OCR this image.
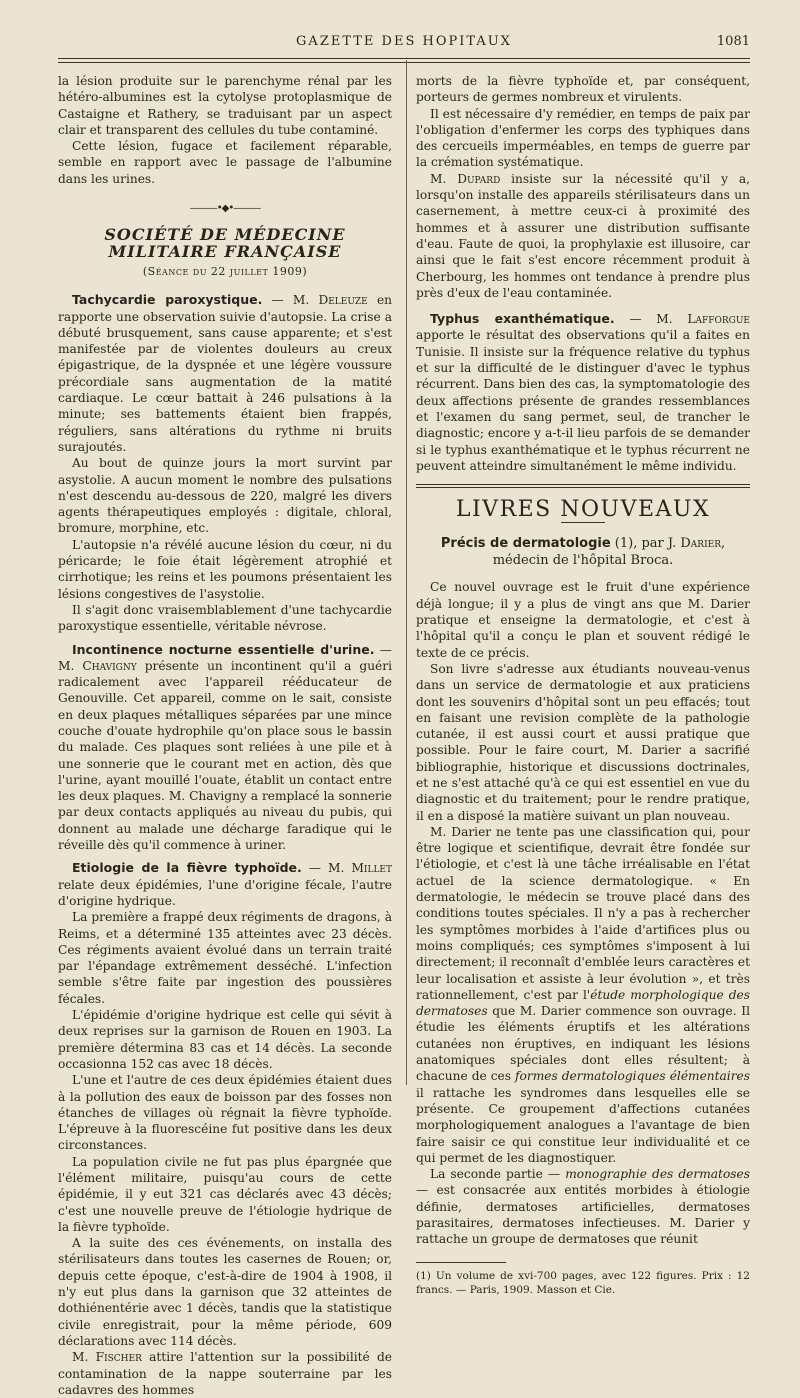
GAZETTE DES HOPITAUX	1081

la lésion produite sur le parenchyme rénal par les hétéro-albumines est la cytolyse protoplasmique de Castaigne et Rathery, se traduisant par un aspect clair et transparent des cellules du tube contaminé.

Cette lésion, fugace et facilement réparable, semble en rapport avec le passage de l'albumine dans les urines.

———•◆•———
SOCIÉTÉ DE MÉDECINE MILITAIRE FRANÇAISE
(Séance du 22 juillet 1909)

Tachycardie paroxystique. — M. Deleuze en rapporte une observation suivie d'autopsie. La crise a débuté brusquement, sans cause apparente; et s'est manifestée par de violentes douleurs au creux épigastrique, de la dyspnée et une légère voussure précordiale sans augmentation de la matité cardiaque. Le cœur battait à 246 pulsations à la minute; ses battements étaient bien frappés, réguliers, sans altérations du rythme ni bruits surajoutés.

Au bout de quinze jours la mort survint par asystolie. A aucun moment le nombre des pulsations n'est descendu au-dessous de 220, malgré les divers agents thérapeutiques employés : digitale, chloral, bromure, morphine, etc.

L'autopsie n'a révélé aucune lésion du cœur, ni du péricarde; le foie était légèrement atrophié et cirrhotique; les reins et les poumons présentaient les lésions congestives de l'asystolie.

Il s'agit donc vraisemblablement d'une tachycardie paroxystique essentielle, véritable névrose.

Incontinence nocturne essentielle d'urine. — M. Chavigny présente un incontinent qu'il a guéri radicalement avec l'appareil rééducateur de Genouville. Cet appareil, comme on le sait, consiste en deux plaques métalliques séparées par une mince couche d'ouate hydrophile qu'on place sous le bassin du malade. Ces plaques sont reliées à une pile et à une sonnerie que le courant met en action, dès que l'urine, ayant mouillé l'ouate, établit un contact entre les deux plaques. M. Chavigny a remplacé la sonnerie par deux contacts appliqués au niveau du pubis, qui donnent au malade une décharge faradique qui le réveille dès qu'il commence à uriner.

Etiologie de la fièvre typhoïde. — M. Millet relate deux épidémies, l'une d'origine fécale, l'autre d'origine hydrique.

La première a frappé deux régiments de dragons, à Reims, et a déterminé 135 atteintes avec 23 décès. Ces régiments avaient évolué dans un terrain traité par l'épandage extrêmement desséché. L'infection semble s'être faite par ingestion des poussières fécales.

L'épidémie d'origine hydrique est celle qui sévit à deux reprises sur la garnison de Rouen en 1903. La première détermina 83 cas et 14 décès. La seconde occasionna 152 cas avec 18 décès.

L'une et l'autre de ces deux épidémies étaient dues à la pollution des eaux de boisson par des fosses non étanches de villages où régnait la fièvre typhoïde. L'épreuve à la fluorescéine fut positive dans les deux circonstances.

La population civile ne fut pas plus épargnée que l'élément militaire, puisqu'au cours de cette épidémie, il y eut 321 cas déclarés avec 43 décès; c'est une nouvelle preuve de l'étiologie hydrique de la fièvre typhoïde.

A la suite des ces événements, on installa des stérilisateurs dans toutes les casernes de Rouen; or, depuis cette époque, c'est-à-dire de 1904 à 1908, il n'y eut plus dans la garnison que 32 atteintes de dothiénentérie avec 1 décès, tandis que la statistique civile enregistrait, pour la même période, 609 déclarations avec 114 décès.

M. Fischer attire l'attention sur la possibilité de contamination de la nappe souterraine par les cadavres des hommes

morts de la fièvre typhoïde et, par conséquent, porteurs de germes nombreux et virulents.

Il est nécessaire d'y remédier, en temps de paix par l'obligation d'enfermer les corps des typhiques dans des cercueils imperméables, en temps de guerre par la crémation systématique.

M. Dupard insiste sur la nécessité qu'il y a, lorsqu'on installe des appareils stérilisateurs dans un casernement, à mettre ceux-ci à proximité des hommes et à assurer une distribution suffisante d'eau. Faute de quoi, la prophylaxie est illusoire, car ainsi que le fait s'est encore récemment produit à Cherbourg, les hommes ont tendance à prendre plus près d'eux de l'eau contaminée.

Typhus exanthématique. — M. Lafforgue apporte le résultat des observations qu'il a faites en Tunisie. Il insiste sur la fréquence relative du typhus et sur la difficulté de le distinguer d'avec le typhus récurrent. Dans bien des cas, la symptomatologie des deux affections présente de grandes ressemblances et l'examen du sang permet, seul, de trancher le diagnostic; encore y a-t-il lieu parfois de se demander si le typhus exanthématique et le typhus récurrent ne peuvent atteindre simultanément le même individu.

LIVRES NOUVEAUX
Précis de dermatologie (1), par J. Darier,
médecin de l'hôpital Broca.

Ce nouvel ouvrage est le fruit d'une expérience déjà longue; il y a plus de vingt ans que M. Darier pratique et enseigne la dermatologie, et c'est à l'hôpital qu'il a conçu le plan et souvent rédigé le texte de ce précis.

Son livre s'adresse aux étudiants nouveau-venus dans un service de dermatologie et aux praticiens dont les souvenirs d'hôpital sont un peu effacés; tout en faisant une revision complète de la pathologie cutanée, il est aussi court et aussi pratique que possible. Pour le faire court, M. Darier a sacrifié bibliographie, historique et discussions doctrinales, et ne s'est attaché qu'à ce qui est essentiel en vue du diagnostic et du traitement; pour le rendre pratique, il en a disposé la matière suivant un plan nouveau.

M. Darier ne tente pas une classification qui, pour être logique et scientifique, devrait être fondée sur l'étiologie, et c'est là une tâche irréalisable en l'état actuel de la science dermatologique. « En dermatologie, le médecin se trouve placé dans des conditions toutes spéciales. Il n'y a pas à rechercher les symptômes morbides à l'aide d'artifices plus ou moins compliqués; ces symptômes s'imposent à lui directement; il reconnaît d'emblée leurs caractères et leur localisation et assiste à leur évolution », et très rationnellement, c'est par l'étude morphologique des dermatoses que M. Darier commence son ouvrage. Il étudie les éléments éruptifs et les altérations cutanées non éruptives, en indiquant les lésions anatomiques spéciales dont elles résultent; à chacune de ces formes dermatologiques élémentaires il rattache les syndromes dans lesquelles elle se présente. Ce groupement d'affections cutanées morphologiquement analogues a l'avantage de bien faire saisir ce qui constitue leur individualité et ce qui permet de les diagnostiquer.

La seconde partie — monographie des dermatoses — est consacrée aux entités morbides à étiologie définie, dermatoses artificielles, dermatoses parasitaires, dermatoses infectieuses. M. Darier y rattache un groupe de dermatoses que réunit

(1) Un volume de xvi-700 pages, avec 122 figures. Prix : 12 francs. — Paris, 1909. Masson et Cie.
